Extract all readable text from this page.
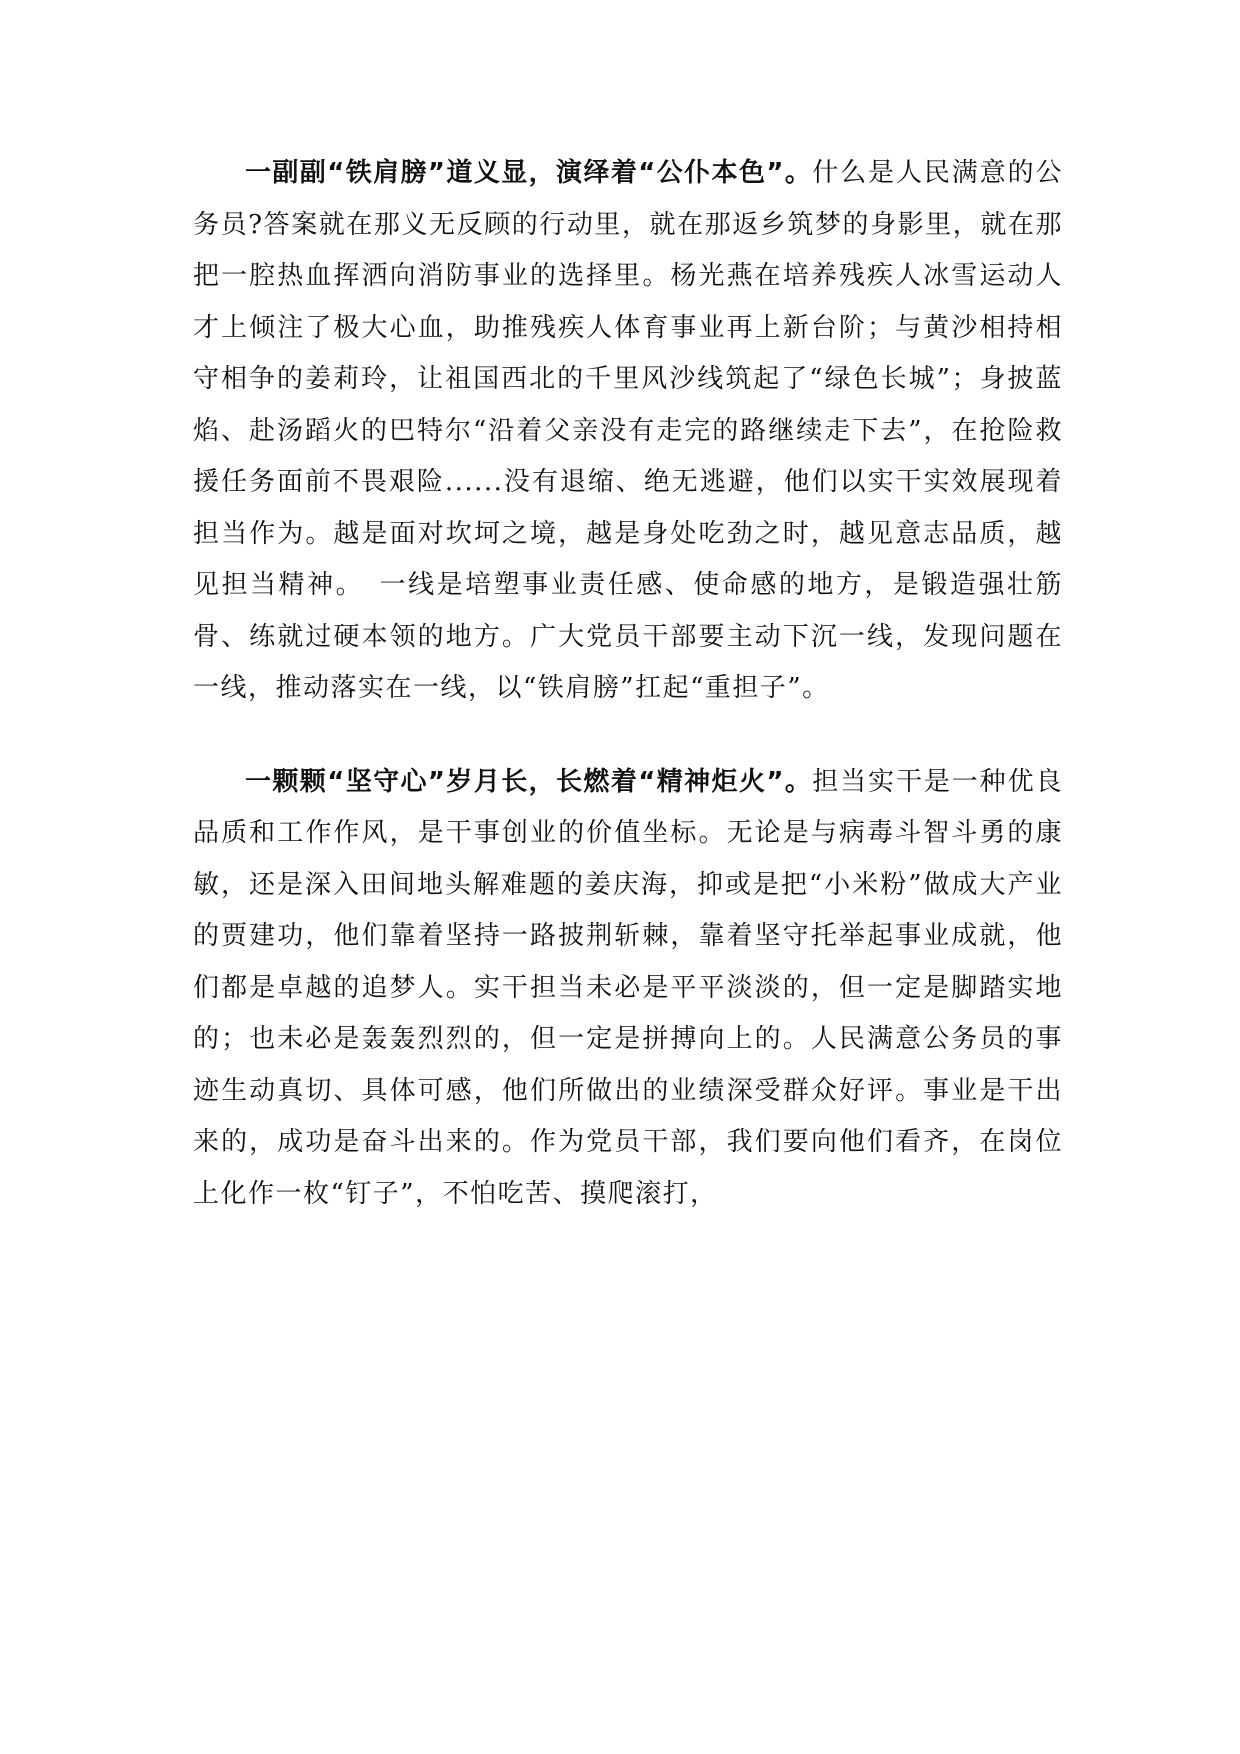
一副副“铁肩膀”道义显，演绎着“公仆本色”。什么是人民满意的公务员?答案就在那义无反顾的行动里，就在那返乡筑梦的身影里，就在那把一腔热血挥洒向消防事业的选择里。杨光燕在培养残疾人冰雪运动人才上倾注了极大心血，助推残疾人体育事业再上新台阶；与黄沙相持相守相争的姜莉玲，让祖国西北的千里风沙线筑起了“绿色长城”；身披蓝焰、赴汤蹈火的巴特尔“沿着父亲没有走完的路继续走下去”，在抢险救援任务面前不畏艰险......没有退缩、绝无逃避，他们以实干实效展现着担当作为。越是面对坎坷之境，越是身处吃劲之时，越见意志品质，越见担当精神。　一线是培塑事业责任感、使命感的地方，是锻造强壮筋骨、练就过硬本领的地方。广大党员干部要主动下沉一线，发现问题在一线，推动落实在一线，以“铁肩膀”扛起“重担子”。

一颗颗“坚守心”岁月长，长燃着“精神炬火”。担当实干是一种优良品质和工作作风，是干事创业的价值坐标。无论是与病毒斗智斗勇的康敏，还是深入田间地头解难题的姜庆海，抑或是把“小米粉”做成大产业的贾建功，他们靠着坚持一路披荆斩棘，靠着坚守托举起事业成就，他们都是卓越的追梦人。实干担当未必是平平淡淡的，但一定是脚踏实地的；也未必是轰轰烈烈的，但一定是拼搏向上的。人民满意公务员的事迹生动真切、具体可感，他们所做出的业绩深受群众好评。事业是干出来的，成功是奋斗出来的。作为党员干部，我们要向他们看齐，在岗位上化作一枚“钉子”，不怕吃苦、摸爬滚打，
